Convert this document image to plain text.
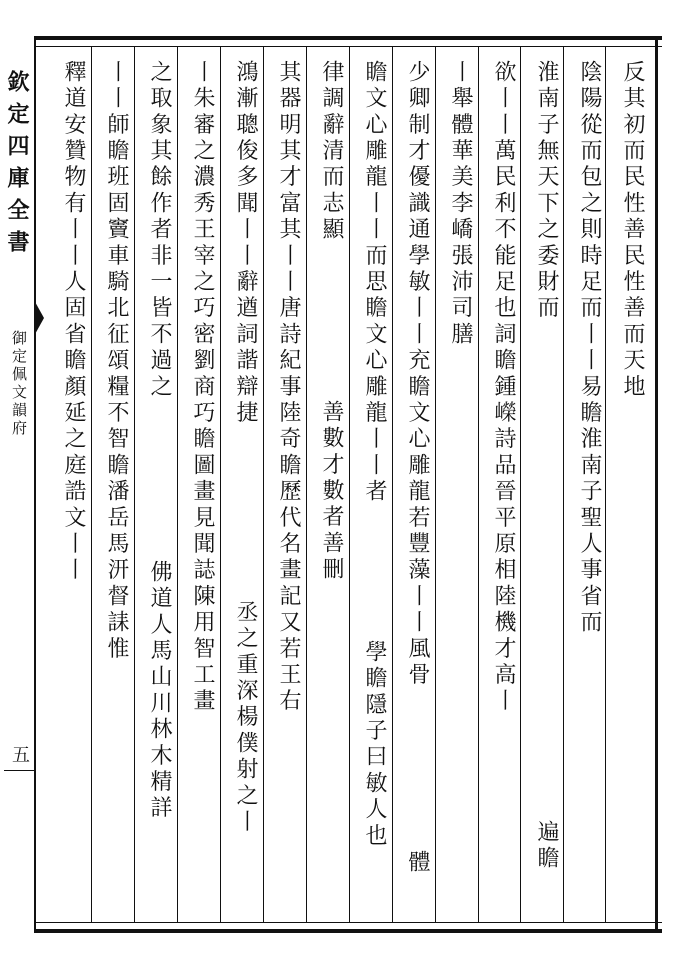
欽定四庫全書
御定佩文韻府
五
反其初而民性善民性善而天地
陰陽從而包之則時足而丨丨易瞻淮南子聖人事省而
淮南子無天下之委財而
遍瞻
欲丨丨萬民利不能足也詞瞻鍾嶸詩品晉平原相陸機才高丨
丨舉體華美李嶠張沛司膳
少卿制才優識通學敏丨丨充瞻文心雕龍若豐藻丨丨風骨
體
瞻文心雕龍丨丨而思瞻文心雕龍丨丨者
學瞻隱子曰敏人也
律調辭清而志顯
善數才數者善刪
其器明其才富其丨丨唐詩紀事陸奇瞻歷代名畫記又若王右
鴻漸聰俊多聞丨丨辭遒詞諧辯捷
丞之重深楊僕射之丨
丨朱審之濃秀王宰之巧密劉商巧瞻圖畫見聞誌陳用智工畫
之取象其餘作者非一皆不過之
佛道人馬山川林木精詳
丨丨師瞻班固竇車騎北征頌糧不智瞻潘岳馬汧督誄惟
釋道安贊物有丨丨人固省瞻顏延之庭誥文丨丨
